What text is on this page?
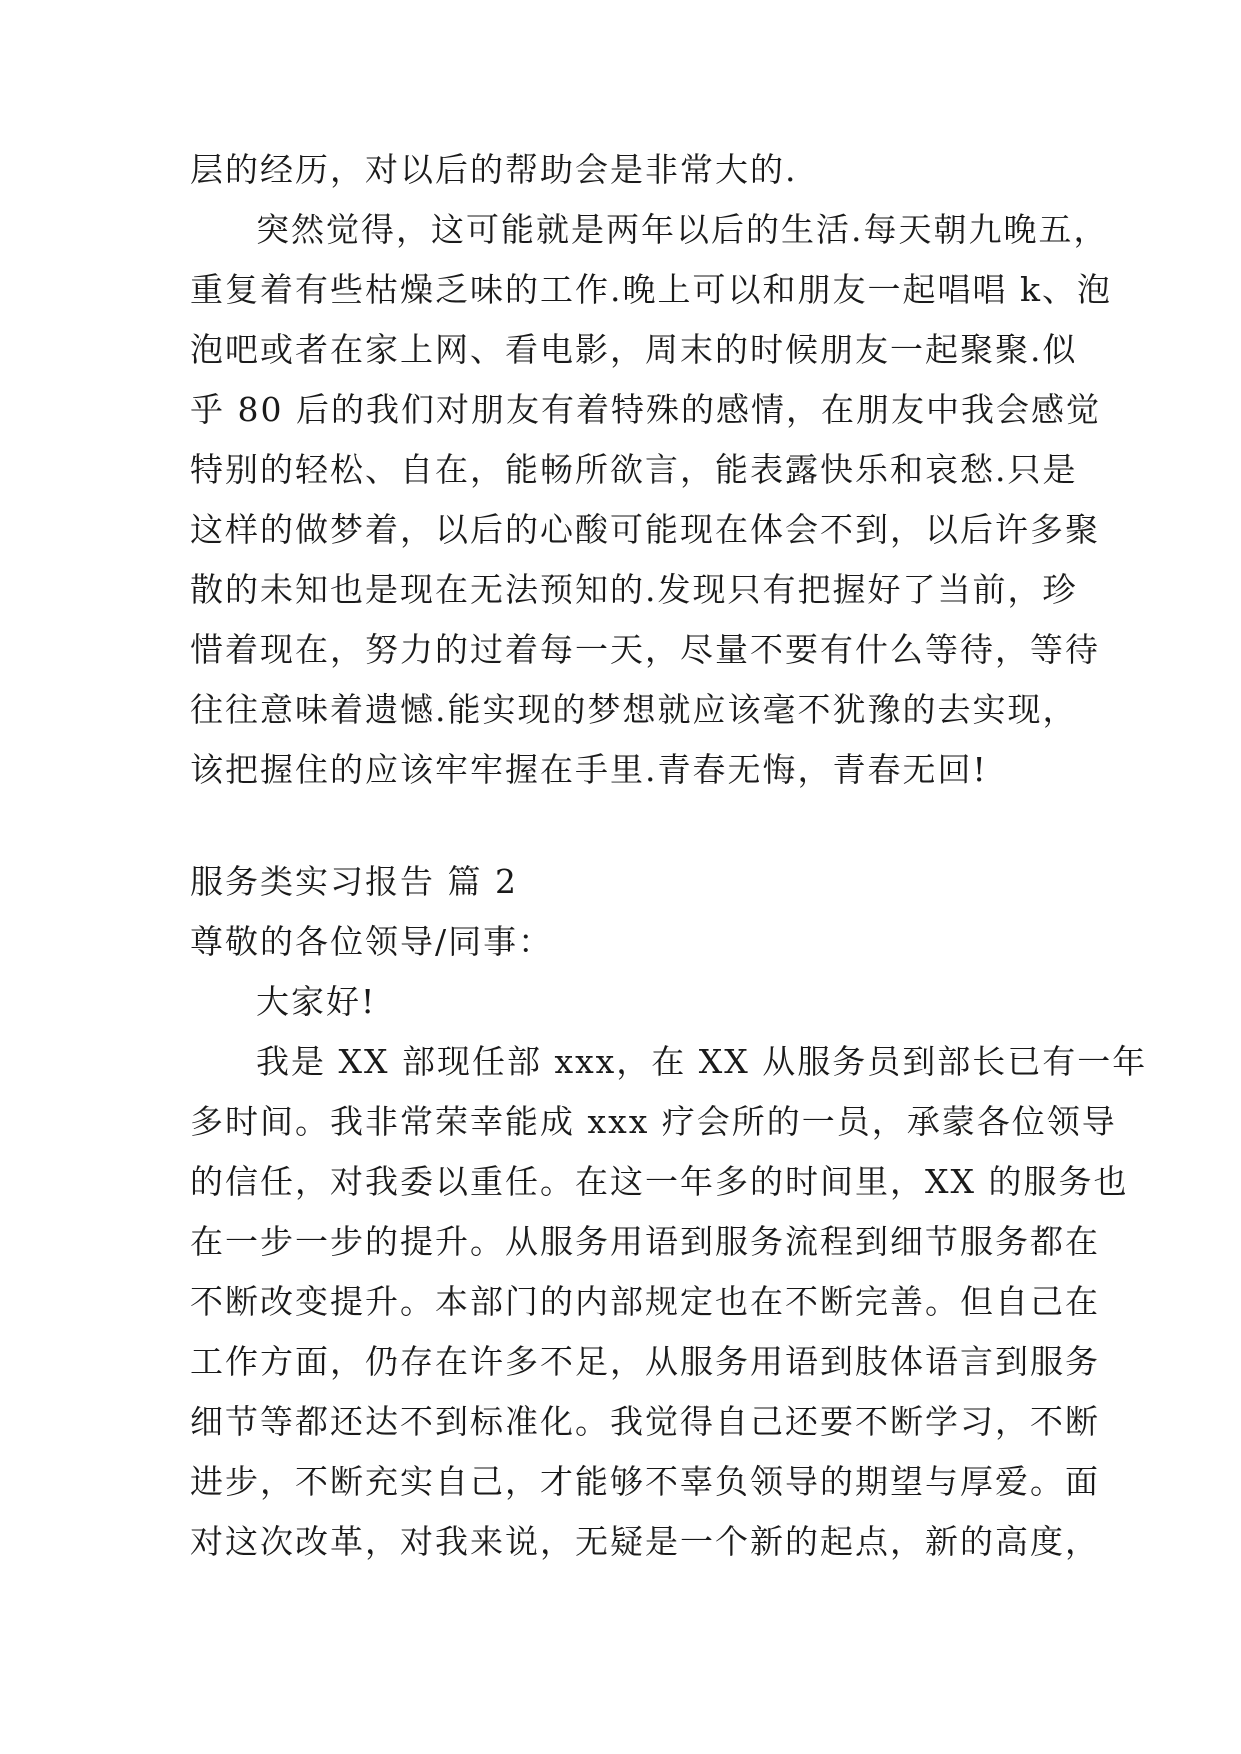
层的经历，对以后的帮助会是非常大的.
突然觉得，这可能就是两年以后的生活.每天朝九晚五，
重复着有些枯燥乏味的工作.晚上可以和朋友一起唱唱 k、泡
泡吧或者在家上网、看电影，周末的时候朋友一起聚聚.似
乎 80 后的我们对朋友有着特殊的感情，在朋友中我会感觉
特别的轻松、自在，能畅所欲言，能表露快乐和哀愁.只是
这样的做梦着，以后的心酸可能现在体会不到，以后许多聚
散的未知也是现在无法预知的.发现只有把握好了当前，珍
惜着现在，努力的过着每一天，尽量不要有什么等待，等待
往往意味着遗憾.能实现的梦想就应该毫不犹豫的去实现，
该把握住的应该牢牢握在手里.青春无悔，青春无回!
服务类实习报告 篇 2
尊敬的各位领导/同事：
大家好!
我是 XX 部现任部 xxx，在 XX 从服务员到部长已有一年
多时间。我非常荣幸能成 xxx 疗会所的一员，承蒙各位领导
的信任，对我委以重任。在这一年多的时间里，XX 的服务也
在一步一步的提升。从服务用语到服务流程到细节服务都在
不断改变提升。本部门的内部规定也在不断完善。但自己在
工作方面，仍存在许多不足，从服务用语到肢体语言到服务
细节等都还达不到标准化。我觉得自己还要不断学习，不断
进步，不断充实自己，才能够不辜负领导的期望与厚爱。面
对这次改革，对我来说，无疑是一个新的起点，新的高度，
